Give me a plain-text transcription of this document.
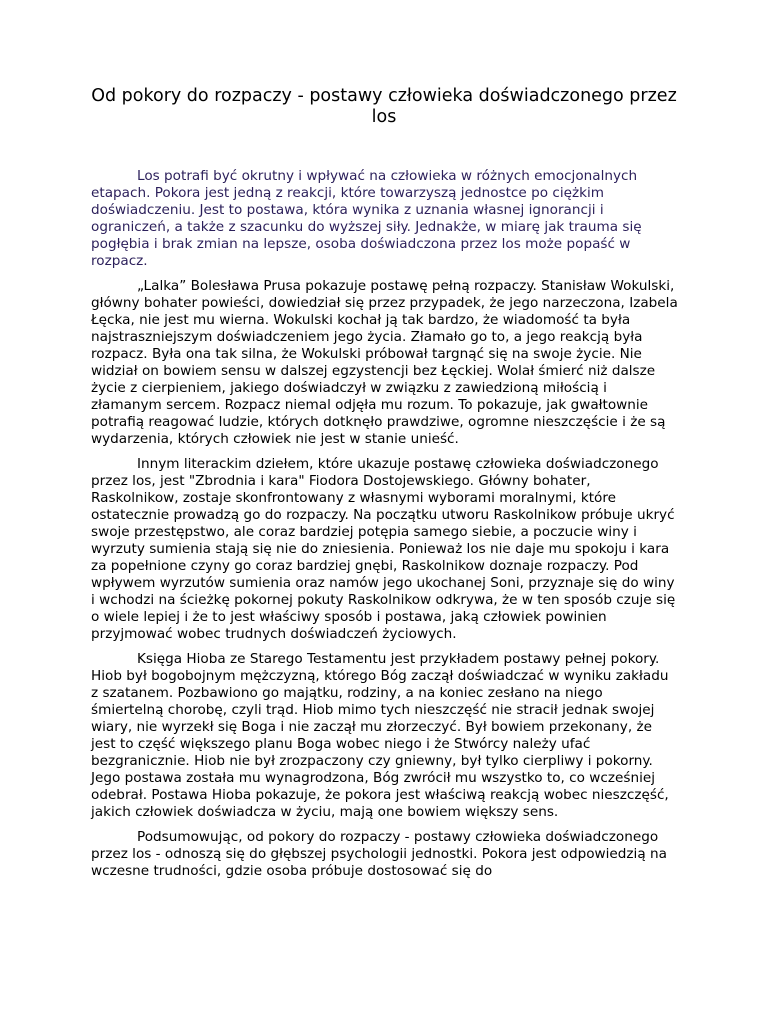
Od pokory do rozpaczy - postawy człowieka doświadczonego przez los

Los potrafi być okrutny i wpływać na człowieka w różnych emocjonalnych etapach. Pokora jest jedną z reakcji, które towarzyszą jednostce po ciężkim doświadczeniu. Jest to postawa, która wynika z uznania własnej ignorancji i ograniczeń, a także z szacunku do wyższej siły. Jednakże, w miarę jak trauma się pogłębia i brak zmian na lepsze, osoba doświadczona przez los może popaść w rozpacz.

„Lalka” Bolesława Prusa pokazuje postawę pełną rozpaczy. Stanisław Wokulski, główny bohater powieści, dowiedział się przez przypadek, że jego narzeczona, Izabela Łęcka, nie jest mu wierna. Wokulski kochał ją tak bardzo, że wiadomość ta była najstraszniejszym doświadczeniem jego życia. Złamało go to, a jego reakcją była rozpacz. Była ona tak silna, że Wokulski próbował targnąć się na swoje życie. Nie widział on bowiem sensu w dalszej egzystencji bez Łęckiej. Wolał śmierć niż dalsze życie z cierpieniem, jakiego doświadczył w związku z zawiedzioną miłością i złamanym sercem. Rozpacz niemal odjęła mu rozum. To pokazuje, jak gwałtownie potrafią reagować ludzie, których dotknęło prawdziwe, ogromne nieszczęście i że są wydarzenia, których człowiek nie jest w stanie unieść.

Innym literackim dziełem, które ukazuje postawę człowieka doświadczonego przez los, jest "Zbrodnia i kara" Fiodora Dostojewskiego. Główny bohater, Raskolnikow, zostaje skonfrontowany z własnymi wyborami moralnymi, które ostatecznie prowadzą go do rozpaczy. Na początku utworu Raskolnikow próbuje ukryć swoje przestępstwo, ale coraz bardziej potępia samego siebie, a poczucie winy i wyrzuty sumienia stają się nie do zniesienia. Ponieważ los nie daje mu spokoju i kara za popełnione czyny go coraz bardziej gnębi, Raskolnikow doznaje rozpaczy. Pod wpływem wyrzutów sumienia oraz namów jego ukochanej Soni, przyznaje się do winy i wchodzi na ścieżkę pokornej pokuty Raskolnikow odkrywa, że w ten sposób czuje się o wiele lepiej i że to jest właściwy sposób i postawa, jaką człowiek powinien przyjmować wobec trudnych doświadczeń życiowych.

Księga Hioba ze Starego Testamentu jest przykładem postawy pełnej pokory. Hiob był bogobojnym mężczyzną, którego Bóg zaczął doświadczać w wyniku zakładu z szatanem. Pozbawiono go majątku, rodziny, a na koniec zesłano na niego śmiertelną chorobę, czyli trąd. Hiob mimo tych nieszczęść nie stracił jednak swojej wiary, nie wyrzekł się Boga i nie zaczął mu złorzeczyć. Był bowiem przekonany, że jest to część większego planu Boga wobec niego i że Stwórcy należy ufać bezgranicznie. Hiob nie był zrozpaczony czy gniewny, był tylko cierpliwy i pokorny. Jego postawa została mu wynagrodzona, Bóg zwrócił mu wszystko to, co wcześniej odebrał. Postawa Hioba pokazuje, że pokora jest właściwą reakcją wobec nieszczęść, jakich człowiek doświadcza w życiu, mają one bowiem większy sens.

Podsumowując, od pokory do rozpaczy - postawy człowieka doświadczonego przez los - odnoszą się do głębszej psychologii jednostki. Pokora jest odpowiedzią na wczesne trudności, gdzie osoba próbuje dostosować się do
